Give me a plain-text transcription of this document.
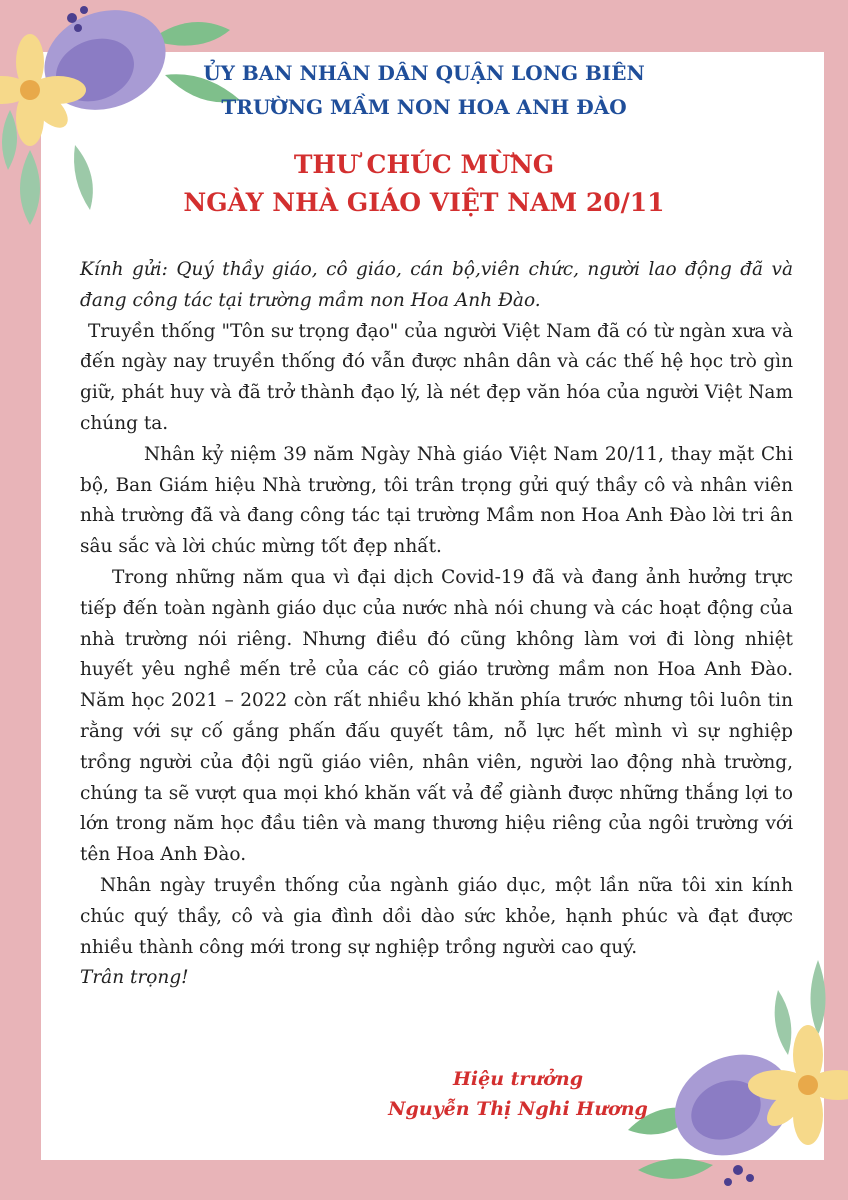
ỦY BAN NHÂN DÂN QUẬN LONG BIÊN
TRƯỜNG MẦM NON HOA ANH ĐÀO
THƯ CHÚC MỪNG
NGÀY NHÀ GIÁO VIỆT NAM 20/11

Kính gửi: Quý thầy giáo, cô giáo, cán bộ,viên chức, người lao động đã và đang công tác tại trường mầm non Hoa Anh Đào.

Truyền thống "Tôn sư trọng đạo" của người Việt Nam đã có từ ngàn xưa và đến ngày nay truyền thống đó vẫn được nhân dân và các thế hệ học trò gìn giữ, phát huy và đã trở thành đạo lý, là nét đẹp văn hóa của người Việt Nam chúng ta.

Nhân kỷ niệm 39 năm Ngày Nhà giáo Việt Nam 20/11, thay mặt Chi bộ, Ban Giám hiệu Nhà trường, tôi trân trọng gửi quý thầy cô và nhân viên nhà trường đã và đang công tác tại trường Mầm non Hoa Anh Đào lời tri ân sâu sắc và lời chúc mừng tốt đẹp nhất.

Trong những năm qua vì đại dịch Covid-19 đã và đang ảnh hưởng trực tiếp đến toàn ngành giáo dục của nước nhà nói chung và các hoạt động của nhà trường nói riêng. Nhưng điều đó cũng không làm vơi đi lòng nhiệt huyết yêu nghề mến trẻ của các cô giáo trường mầm non Hoa Anh Đào. Năm học 2021 – 2022 còn rất nhiều khó khăn phía trước nhưng tôi luôn tin rằng với sự cố gắng phấn đấu quyết tâm, nỗ lực hết mình vì sự nghiệp trồng người của đội ngũ giáo viên, nhân viên, người lao động nhà trường, chúng ta sẽ vượt qua mọi khó khăn vất vả để giành được những thắng lợi to lớn trong năm học đầu tiên và mang thương hiệu riêng của ngôi trường với tên Hoa Anh Đào.

Nhân ngày truyền thống của ngành giáo dục, một lần nữa tôi xin kính chúc quý thầy, cô và gia đình dồi dào sức khỏe, hạnh phúc và đạt được nhiều thành công mới trong sự nghiệp trồng người cao quý.

Trân trọng!

Hiệu trưởng
Nguyễn Thị Nghi Hương
